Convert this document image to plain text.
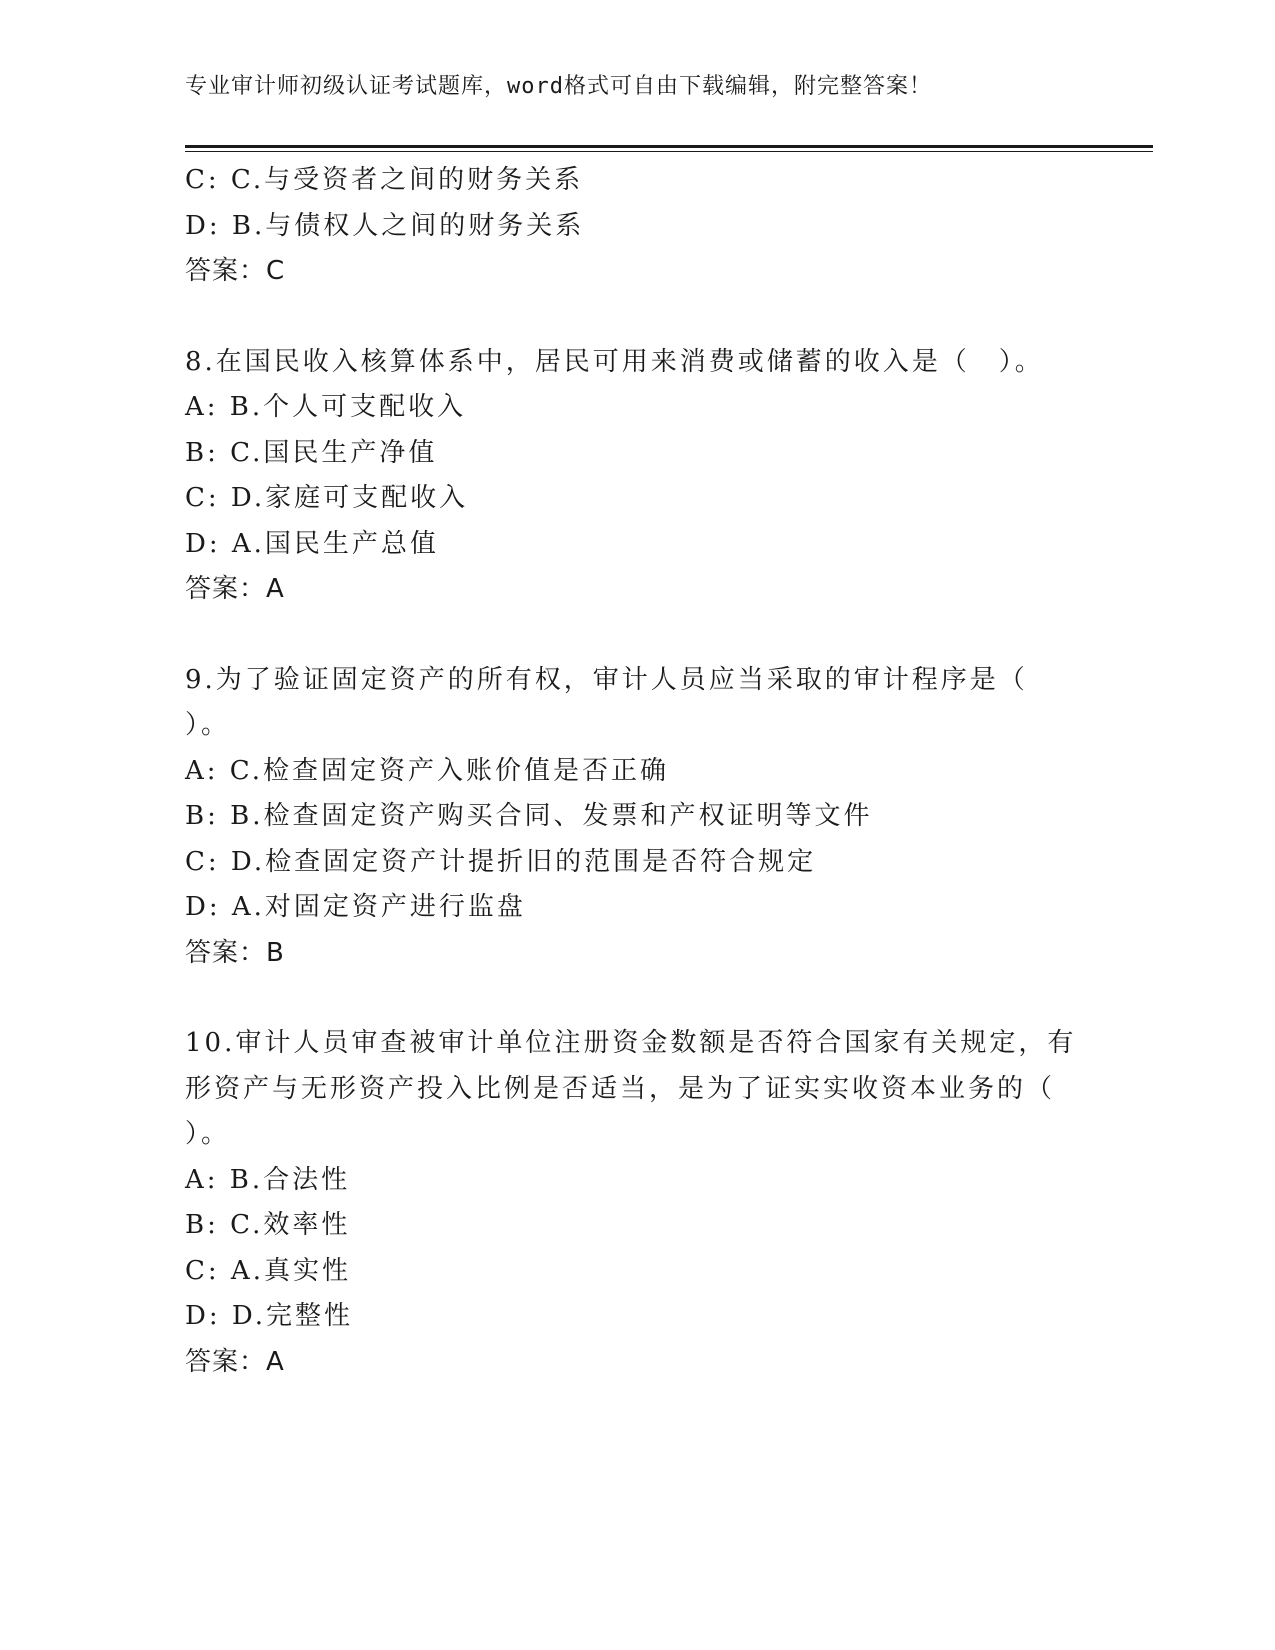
专业审计师初级认证考试题库，word格式可自由下载编辑，附完整答案！
C: C.与受资者之间的财务关系
D: B.与债权人之间的财务关系
答案：C
8.在国民收入核算体系中，居民可用来消费或储蓄的收入是（　）。
A: B.个人可支配收入
B: C.国民生产净值
C: D.家庭可支配收入
D: A.国民生产总值
答案：A
9.为了验证固定资产的所有权，审计人员应当采取的审计程序是（
）。
A: C.检查固定资产入账价值是否正确
B: B.检查固定资产购买合同、发票和产权证明等文件
C: D.检查固定资产计提折旧的范围是否符合规定
D: A.对固定资产进行监盘
答案：B
10.审计人员审查被审计单位注册资金数额是否符合国家有关规定，有
形资产与无形资产投入比例是否适当，是为了证实实收资本业务的（
）。
A: B.合法性
B: C.效率性
C: A.真实性
D: D.完整性
答案：A
